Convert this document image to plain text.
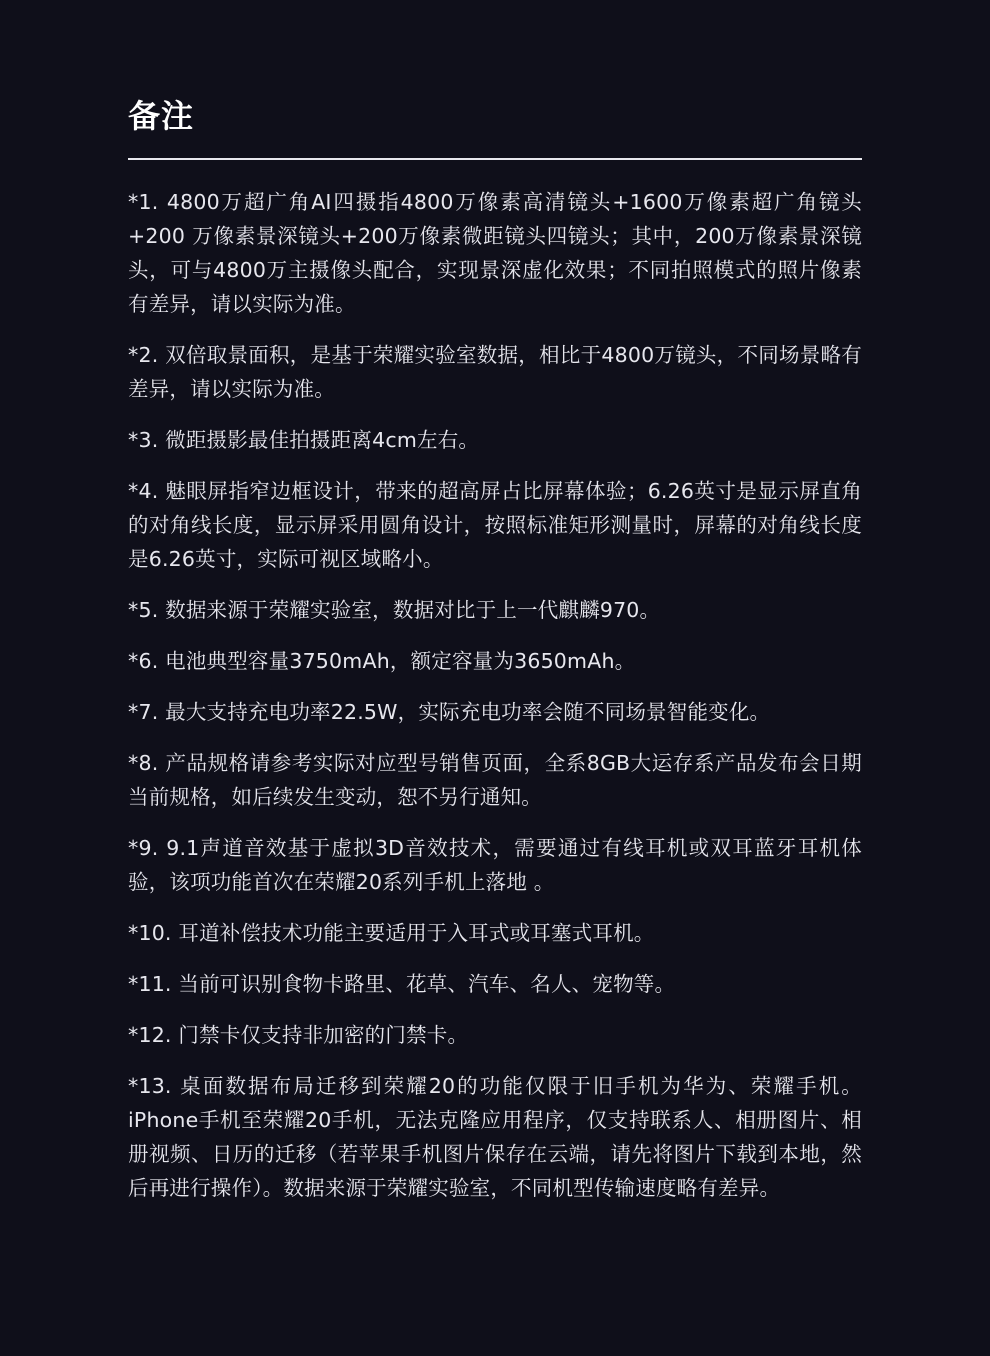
备注
*1. 4800万超广角AI四摄指4800万像素高清镜头+1600万像素超广角镜头+200 万像素景深镜头+200万像素微距镜头四镜头；其中，200万像素景深镜头，可与4800万主摄像头配合，实现景深虚化效果；不同拍照模式的照片像素有差异，请以实际为准。
*2. 双倍取景面积，是基于荣耀实验室数据，相比于4800万镜头，不同场景略有差异，请以实际为准。
*3. 微距摄影最佳拍摄距离4cm左右。
*4. 魅眼屏指窄边框设计，带来的超高屏占比屏幕体验；6.26英寸是显示屏直角的对角线长度，显示屏采用圆角设计，按照标准矩形测量时，屏幕的对角线长度是6.26英寸，实际可视区域略小。
*5. 数据来源于荣耀实验室，数据对比于上一代麒麟970。
*6. 电池典型容量3750mAh，额定容量为3650mAh。
*7. 最大支持充电功率22.5W，实际充电功率会随不同场景智能变化。
*8. 产品规格请参考实际对应型号销售页面，全系8GB大运存系产品发布会日期当前规格，如后续发生变动，恕不另行通知。
*9. 9.1声道音效基于虚拟3D音效技术，需要通过有线耳机或双耳蓝牙耳机体验，该项功能首次在荣耀20系列手机上落地 。
*10. 耳道补偿技术功能主要适用于入耳式或耳塞式耳机。
*11. 当前可识别食物卡路里、花草、汽车、名人、宠物等。
*12. 门禁卡仅支持非加密的门禁卡。
*13. 桌面数据布局迁移到荣耀20的功能仅限于旧手机为华为、荣耀手机。iPhone手机至荣耀20手机，无法克隆应用程序，仅支持联系人、相册图片、相册视频、日历的迁移（若苹果手机图片保存在云端，请先将图片下载到本地，然后再进行操作）。数据来源于荣耀实验室，不同机型传输速度略有差异。
